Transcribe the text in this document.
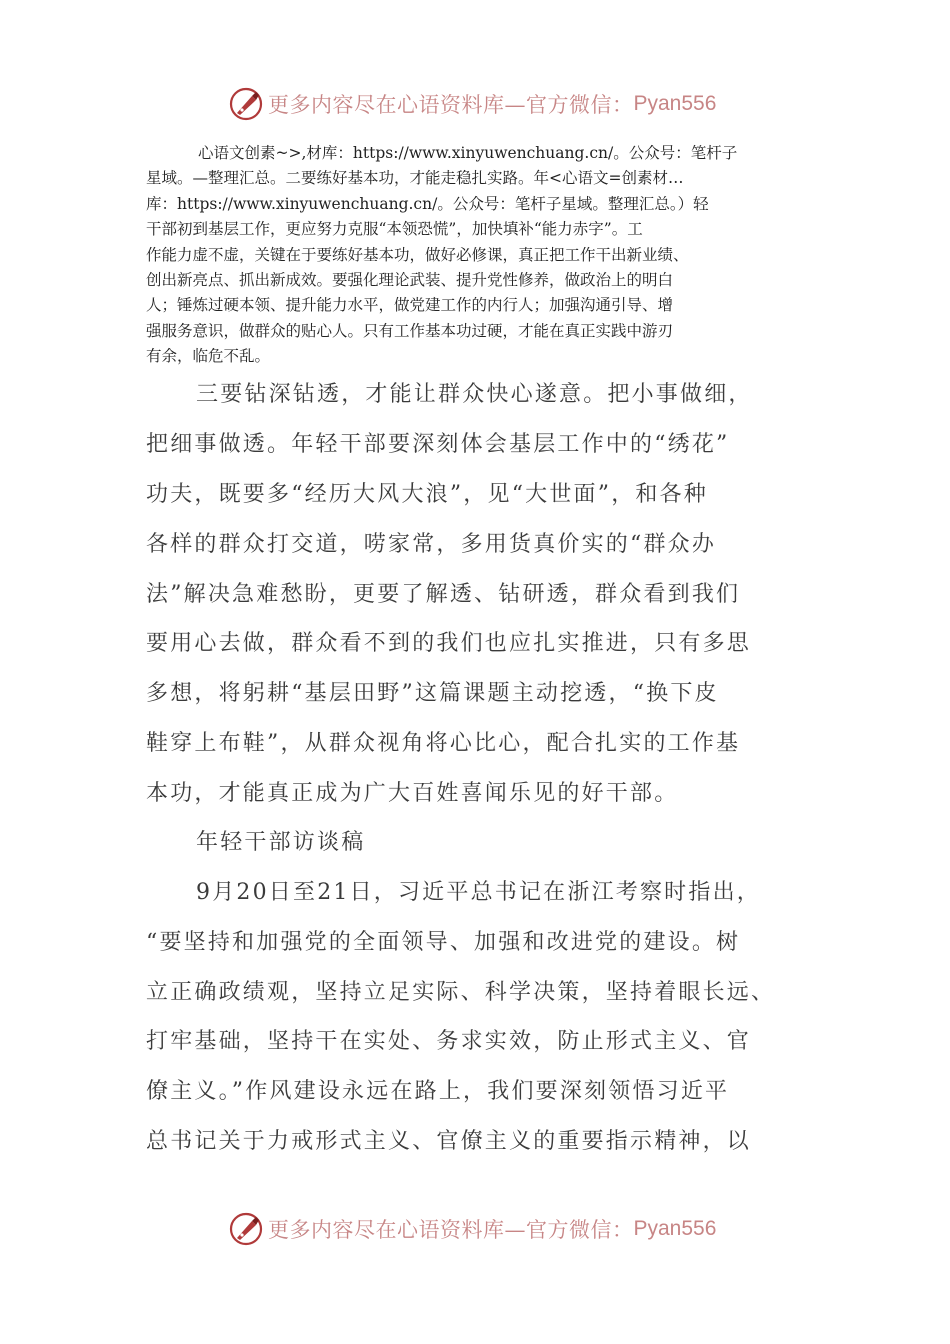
更多内容尽在心语资料库—官方微信： Pyan556
心语文创素~>,材库：https://www.xinyuwenchuang.cn/。公众号：笔杆子
星域。—整理汇总。二要练好基本功，才能走稳扎实路。年<心语文=创素材…
库：https://www.xinyuwenchuang.cn/。公众号：笔杆子星域。整理汇总。）轻
干部初到基层工作，更应努力克服“本领恐慌”，加快填补“能力赤字”。工
作能力虚不虚，关键在于要练好基本功，做好必修课，真正把工作干出新业绩、
创出新亮点、抓出新成效。要强化理论武装、提升党性修养，做政治上的明白
人；锤炼过硬本领、提升能力水平，做党建工作的内行人；加强沟通引导、增
强服务意识，做群众的贴心人。只有工作基本功过硬，才能在真正实践中游刃
有余，临危不乱。
三要钻深钻透，才能让群众快心遂意。把小事做细，
把细事做透。年轻干部要深刻体会基层工作中的“绣花”
功夫，既要多“经历大风大浪”，见“大世面”，和各种
各样的群众打交道，唠家常，多用货真价实的“群众办
法”解决急难愁盼，更要了解透、钻研透，群众看到我们
要用心去做，群众看不到的我们也应扎实推进，只有多思
多想，将躬耕“基层田野”这篇课题主动挖透，“换下皮
鞋穿上布鞋”，从群众视角将心比心，配合扎实的工作基
本功，才能真正成为广大百姓喜闻乐见的好干部。
年轻干部访谈稿
9月20日至21日，习近平总书记在浙江考察时指出，
“要坚持和加强党的全面领导、加强和改进党的建设。树
立正确政绩观，坚持立足实际、科学决策，坚持着眼长远、
打牢基础，坚持干在实处、务求实效，防止形式主义、官
僚主义。”作风建设永远在路上，我们要深刻领悟习近平
总书记关于力戒形式主义、官僚主义的重要指示精神，以
更多内容尽在心语资料库—官方微信： Pyan556
